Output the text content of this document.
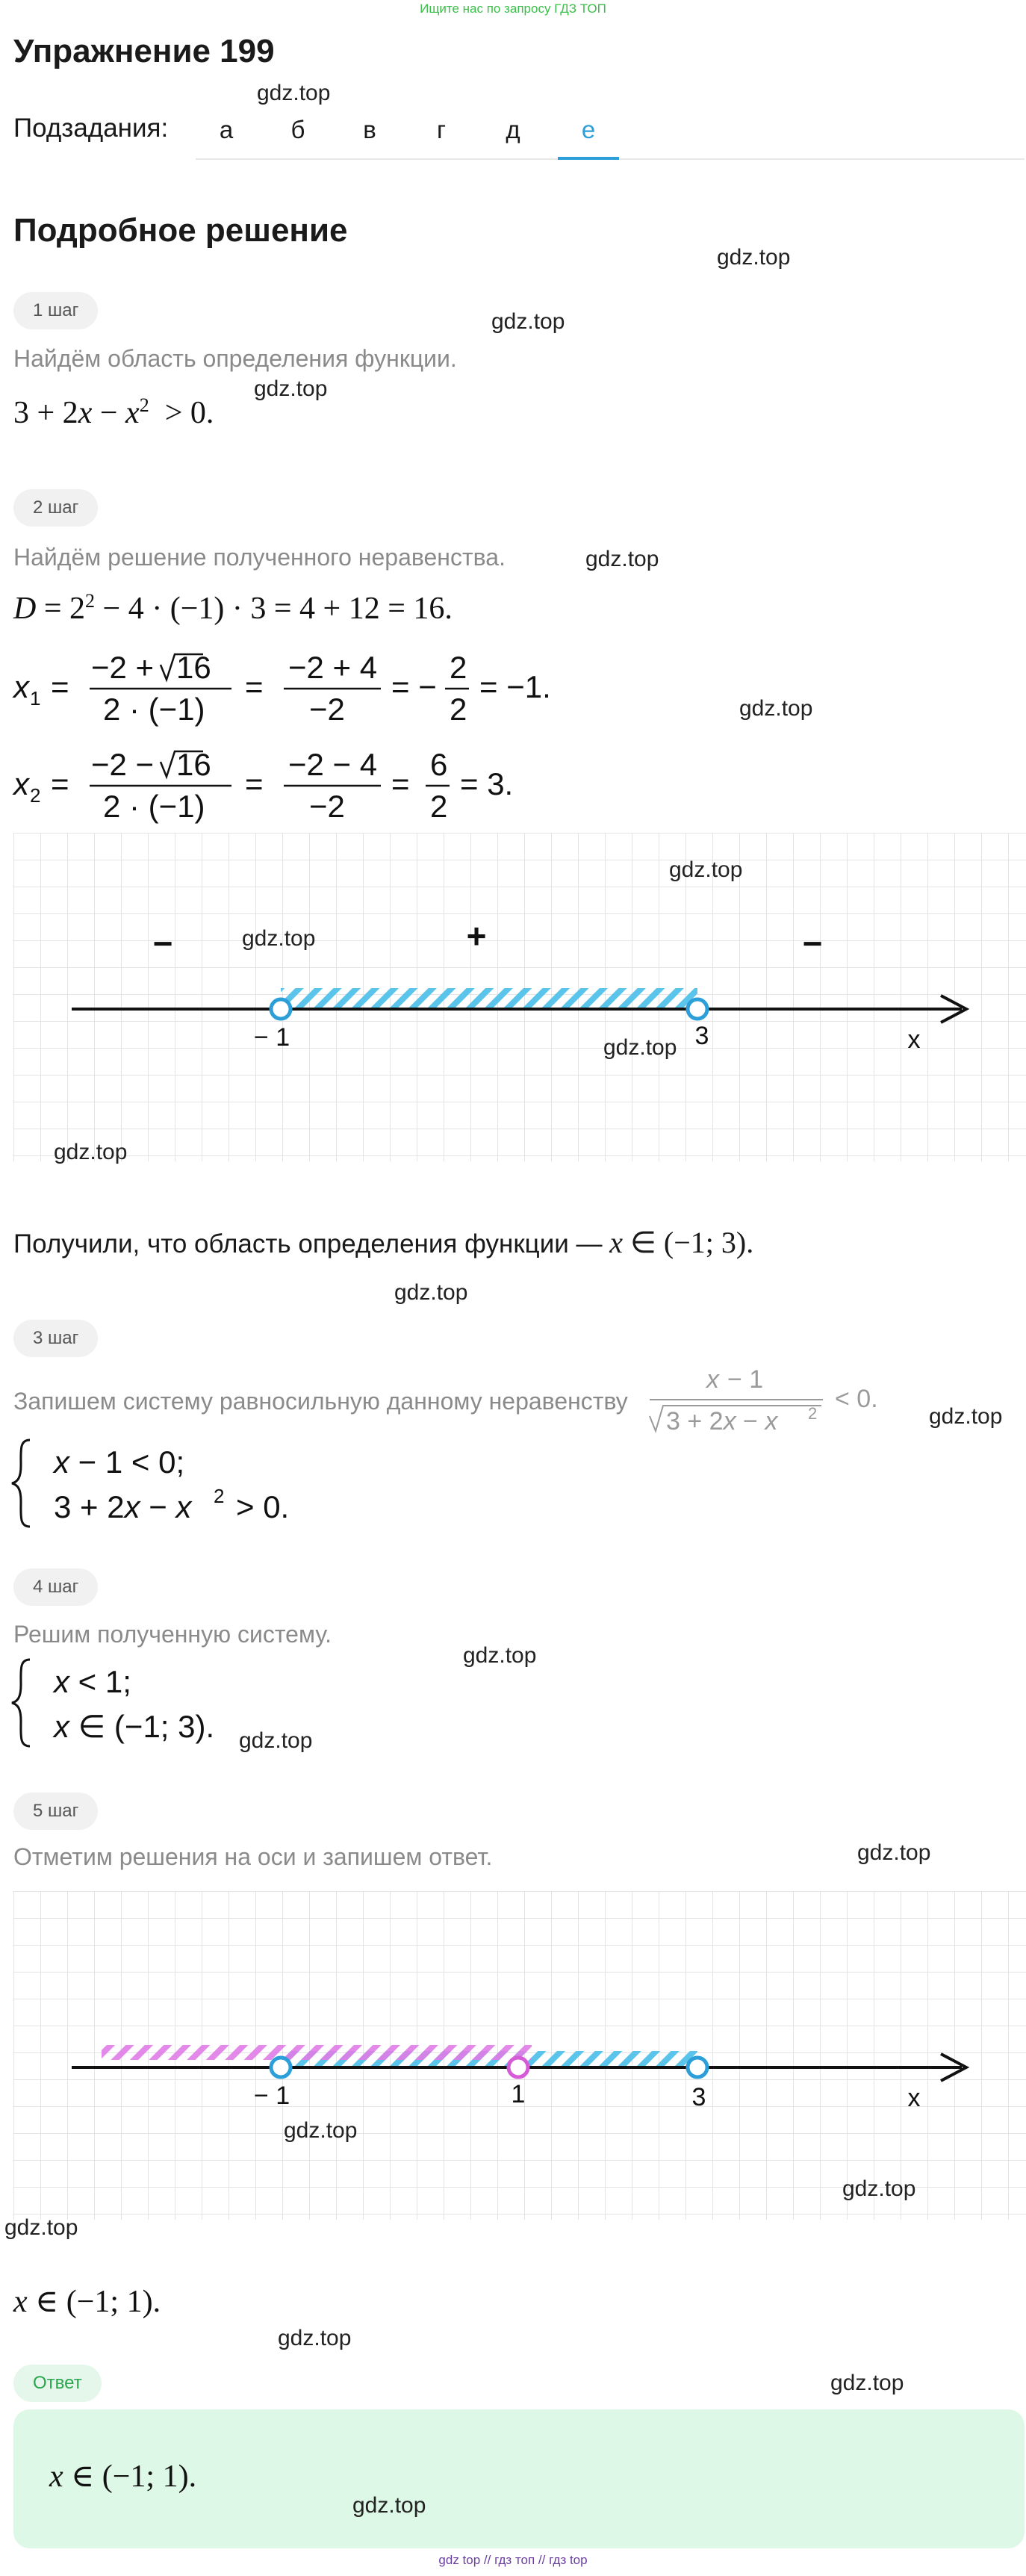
Ищите нас по запросу ГДЗ ТОП
Упражнение 199
Подзадания:	а	б	в	г	д	е
Подробное решение
1 шаг
Найдём область определения функции.
$3 + 2x - x^2 > 0$.
2 шаг
Найдём решение полученного неравенства.
$D = 2^2 - 4 \cdot (-1) \cdot 3 = 4 + 12 = 16$.
x 1 =
−2 + 16
2 · (−1)
=
−2 + 4
−2
= −
2
2
= −1.
x 2 =
−2 − 16
2 · (−1)
=
−2 − 4
−2
=
6
2
= 3.
−	+	−
− 1	3	x
Получили, что область определения функции — x ∈ (−1; 3).
3 шаг
Запишем систему равносильную данному неравенству
x − 1
3 + 2x − x 2
< 0.
x − 1 < 0;
3 + 2x − x 2 > 0.
4 шаг
Решим полученную систему.
x < 1;
x ∈ (−1; 3).
5 шаг
Отметим решения на оси и запишем ответ.
− 1	1	3	x
x ∈ (−1; 1).
Ответ
x ∈ (−1; 1).
gdz.top
gdz.top
gdz.top
gdz.top
gdz.top
gdz.top
gdz.top
gdz.top
gdz.top
gdz.top
gdz.top
gdz.top
gdz.top
gdz.top
gdz.top
gdz.top
gdz.top
gdz.top
gdz.top
gdz.top
gdz.top
gdz top // гдз топ // гдз top
